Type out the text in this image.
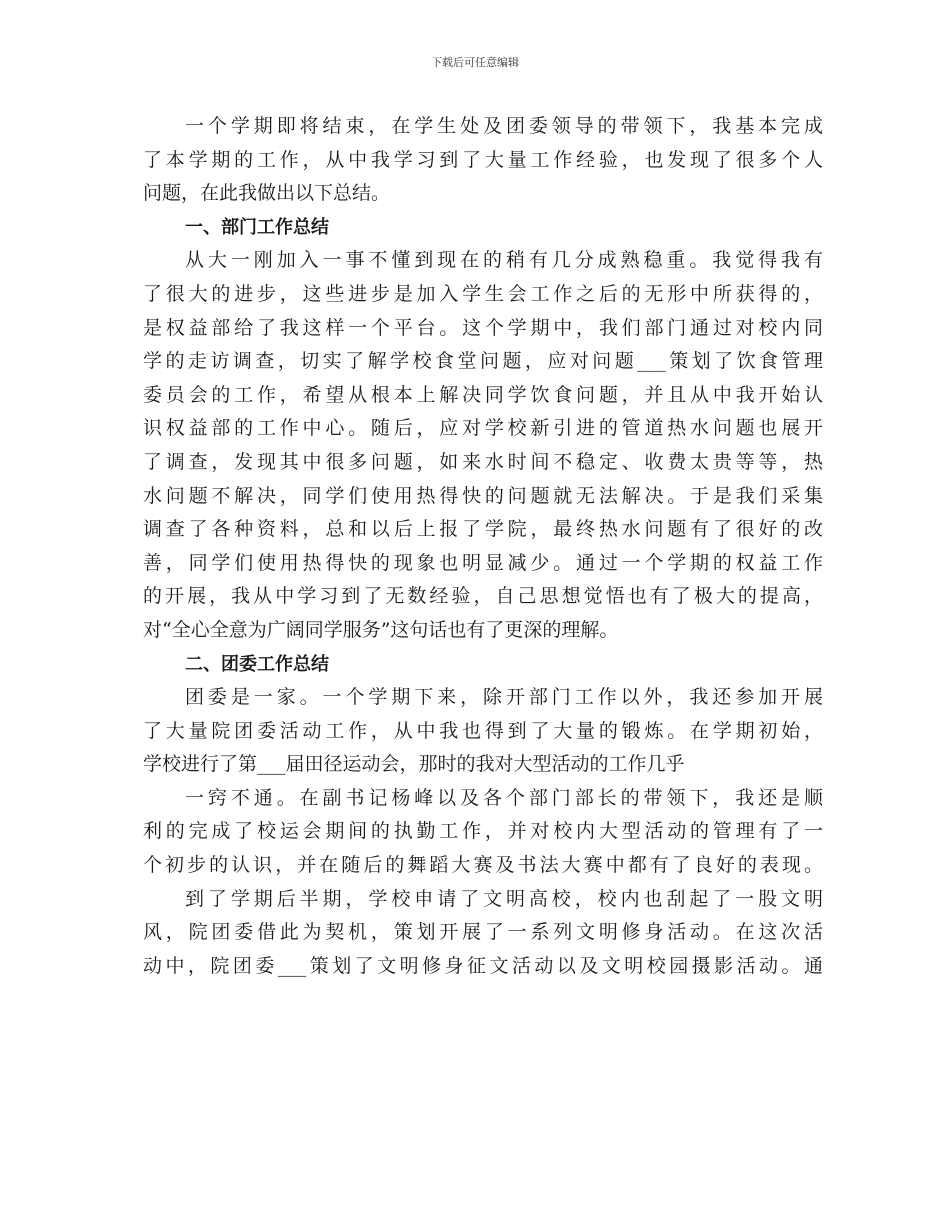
下载后可任意编辑
一个学期即将结束，在学生处及团委领导的带领下，我基本完成
了本学期的工作，从中我学习到了大量工作经验，也发现了很多个人
问题，在此我做出以下总结。
一、部门工作总结
从大一刚加入一事不懂到现在的稍有几分成熟稳重。我觉得我有
了很大的进步，这些进步是加入学生会工作之后的无形中所获得的，
是权益部给了我这样一个平台。这个学期中，我们部门通过对校内同
学的走访调查，切实了解学校食堂问题，应对问题___策划了饮食管理
委员会的工作，希望从根本上解决同学饮食问题，并且从中我开始认
识权益部的工作中心。随后，应对学校新引进的管道热水问题也展开
了调查，发现其中很多问题，如来水时间不稳定、收费太贵等等，热
水问题不解决，同学们使用热得快的问题就无法解决。于是我们采集
调查了各种资料，总和以后上报了学院，最终热水问题有了很好的改
善，同学们使用热得快的现象也明显减少。通过一个学期的权益工作
的开展，我从中学习到了无数经验，自己思想觉悟也有了极大的提高，
对“全心全意为广阔同学服务”这句话也有了更深的理解。
二、团委工作总结
团委是一家。一个学期下来，除开部门工作以外，我还参加开展
了大量院团委活动工作，从中我也得到了大量的锻炼。在学期初始，
学校进行了第___届田径运动会，那时的我对大型活动的工作几乎
一窍不通。在副书记杨峰以及各个部门部长的带领下，我还是顺
利的完成了校运会期间的执勤工作，并对校内大型活动的管理有了一
个初步的认识，并在随后的舞蹈大赛及书法大赛中都有了良好的表现。
到了学期后半期，学校申请了文明高校，校内也刮起了一股文明
风，院团委借此为契机，策划开展了一系列文明修身活动。在这次活
动中，院团委___策划了文明修身征文活动以及文明校园摄影活动。通
